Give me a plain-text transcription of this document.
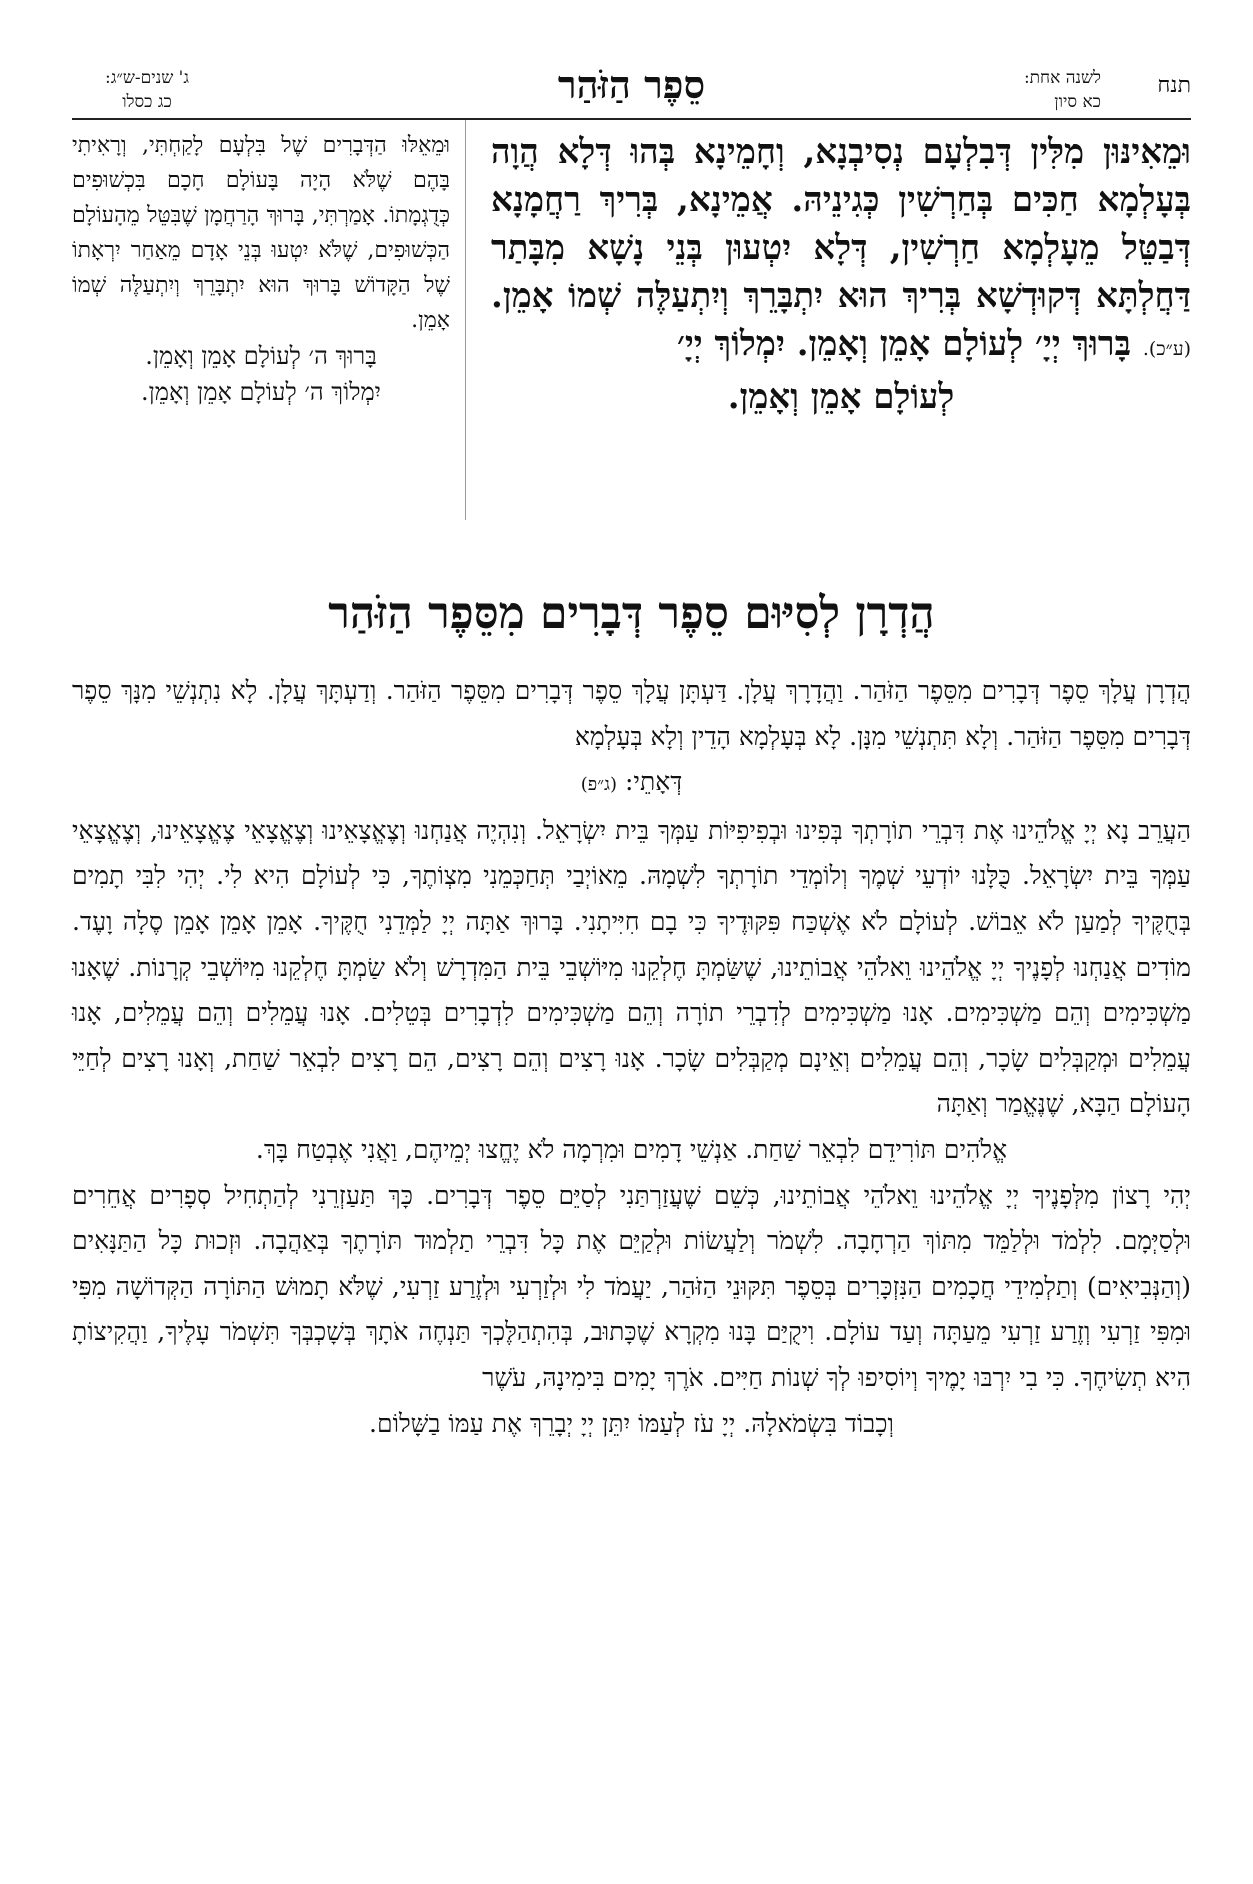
תנח
לשנה אחת:
כא סיון
סֵפֶר הַזֹּהַר
ג' שנים-ש״ג:
כג כסלו

וּמֵאִינּוּן מִלִּין דְּבִלְעָם נְסִיבְנָא, וְחָמֵינָא בְּהוּ דְּלָא הֲוָה בְּעָלְמָא חַכִּים בְּחַרְשִׁין כְּגִינֵיהּ. אֲמֵינָא, בְּרִיךְ רַחֲמָנָא דְּבַטֵּל מֵעָלְמָא חַרְשִׁין, דְּלָא יִטְעוּן בְּנֵי נָשָׁא מִבָּתַר דַּחֲלְתָּא דְּקוּדְשָׁא בְּרִיךְ הוּא יִתְבָּרֵךְ וְיִתְעַלֶּה שְׁמוֹ אָמֵן. (ע״כ). בָּרוּךְ יְיָ׳ לְעוֹלָם אָמֵן וְאָמֵן. יִמְלוֹךְ יְיָ׳

לְעוֹלָם אָמֵן וְאָמֵן.

וּמֵאֵלּוּ הַדְּבָרִים שֶׁל בִּלְעָם לָקַחְתִּי, וְרָאִיתִי בָּהֶם שֶׁלֹּא הָיָה בָּעוֹלָם חָכָם בִּכְשׁוּפִים כְּדֻגְמָתוֹ. אָמַרְתִּי, בָּרוּךְ הָרַחֲמָן שֶׁבִּטֵּל מֵהָעוֹלָם הַכְּשׁוּפִים, שֶׁלֹּא יִטְעוּ בְּנֵי אָדָם מֵאַחַר יִרְאָתוֹ שֶׁל הַקָּדוֹשׁ בָּרוּךְ הוּא יִתְבָּרֵךְ וְיִתְעַלֶּה שְׁמוֹ אָמֵן.

בָּרוּךְ ה׳ לְעוֹלָם אָמֵן וְאָמֵן.

יִמְלוֹךְ ה׳ לְעוֹלָם אָמֵן וְאָמֵן.

הֲדְרָן לְסִיּוּם סֵפֶר דְּבָרִים מִסֵּפֶר הַזֹּהַר

הֲדְרָן עֲלָךְ סֵפֶר דְּבָרִים מִסֵּפֶר הַזֹּהַר. וַהֲדָרָךְ עֲלָן. דַּעְתָּן עֲלָךְ סֵפֶר דְּבָרִים מִסֵּפֶר הַזֹּהַר. וְדַעְתָּךְ עֲלָן. לָא נִתְנְשֵׁי מִנָּךְ סֵפֶר דְּבָרִים מִסֵּפֶר הַזֹּהַר. וְלָא תִּתְנְשֵׁי מִנָּן. לָא בְּעָלְמָא הָדֵין וְלָא בְּעָלְמָא

דְּאָתֵי: (ג״פ)

הַעֲרֵב נָא יְיָ אֱלֹהֵינוּ אֶת דִּבְרֵי תוֹרָתְךָ בְּפִינוּ וּבְפִיפִיּוֹת עַמְּךָ בֵּית יִשְׂרָאֵל. וְנִהְיֶה אֲנַחְנוּ וְצֶאֱצָאֵינוּ וְצֶאֱצָאֵי צֶאֱצָאֵינוּ, וְצֶאֱצָאֵי עַמְּךָ בֵּית יִשְׂרָאֵל. כֻּלָּנוּ יוֹדְעֵי שְׁמֶךָ וְלוֹמְדֵי תוֹרָתְךָ לִשְׁמָהּ. מֵאוֹיְבַי תְּחַכְּמֵנִי מִצְוֹתֶךָ, כִּי לְעוֹלָם הִיא לִי. יְהִי לִבִּי תָמִים בְּחֻקֶּיךָ לְמַעַן לֹא אֵבוֹשׁ. לְעוֹלָם לֹא אֶשְׁכַּח פִּקּוּדֶיךָ כִּי בָם חִיִּיתָנִי. בָּרוּךְ אַתָּה יְיָ לַמְּדֵנִי חֻקֶּיךָ. אָמֵן אָמֵן אָמֵן סֶלָה וָעֶד. מוֹדִים אֲנַחְנוּ לְפָנֶיךָ יְיָ אֱלֹהֵינוּ וֵאלֹהֵי אֲבוֹתֵינוּ, שֶׁשַּׂמְתָּ חֶלְקֵנוּ מִיּוֹשְׁבֵי בֵּית הַמִּדְרָשׁ וְלֹא שַׂמְתָּ חֶלְקֵנוּ מִיּוֹשְׁבֵי קְרָנוֹת. שֶׁאָנוּ מַשְׁכִּימִים וְהֵם מַשְׁכִּימִים. אָנוּ מַשְׁכִּימִים לְדִבְרֵי תוֹרָה וְהֵם מַשְׁכִּימִים לִדְבָרִים בְּטֵלִים. אָנוּ עֲמֵלִים וְהֵם עֲמֵלִים, אָנוּ עֲמֵלִים וּמְקַבְּלִים שָׂכָר, וְהֵם עֲמֵלִים וְאֵינָם מְקַבְּלִים שָׂכָר. אָנוּ רָצִים וְהֵם רָצִים, הֵם רָצִים לִבְאֵר שַׁחַת, וְאָנוּ רָצִים לְחַיֵּי הָעוֹלָם הַבָּא, שֶׁנֶּאֱמַר וְאַתָּה

אֱלֹהִים תּוֹרִידֵם לִבְאֵר שַׁחַת. אַנְשֵׁי דָמִים וּמִרְמָה לֹא יֶחֱצוּ יְמֵיהֶם, וַאֲנִי אֶבְטַח בָּךְ.

יְהִי רָצוֹן מִלְּפָנֶיךָ יְיָ אֱלֹהֵינוּ וֵאלֹהֵי אֲבוֹתֵינוּ, כְּשֵׁם שֶׁעֲזַרְתַּנִי לְסַיֵּם סֵפֶר דְּבָרִים. כָּךְ תַּעַזְרֵנִי לְהַתְחִיל סְפָרִים אֲחֵרִים וּלְסַיְּמָם. לִלְמֹד וּלְלַמֵּד מִתּוֹךְ הַרְחָבָה. לִשְׁמֹר וְלַעֲשׂוֹת וּלְקַיֵּם אֶת כָּל דִּבְרֵי תַלְמוּד תּוֹרָתֶךָ בְּאַהֲבָה. וּזְכוּת כָּל הַתַּנָּאִים (וְהַנְּבִיאִים) וְתַלְמִידֵי חֲכָמִים הַנִּזְכָּרִים בְּסֵפֶר תִּקּוּנֵי הַזֹּהַר, יַעֲמֹד לִי וּלְזַרְעִי וּלְזֶרַע זַרְעִי, שֶׁלֹּא תָמוּשׁ הַתּוֹרָה הַקְּדוֹשָׁה מִפִּי וּמִפִּי זַרְעִי וְזֶרַע זַרְעִי מֵעַתָּה וְעַד עוֹלָם. וִיקֻיַּם בָּנוּ מִקְרָא שֶׁכָּתוּב, בְּהִתְהַלֶּכְךָ תַּנְחֶה אֹתָךְ בְּשָׁכְבְּךָ תִּשְׁמֹר עָלֶיךָ, וַהֲקִיצוֹתָ הִיא תְשִׂיחֶךָ. כִּי בִי יִרְבּוּ יָמֶיךָ וְיוֹסִיפוּ לְךָ שְׁנוֹת חַיִּים. אֹרֶךְ יָמִים בִּימִינָהּ, עֹשֶׁר

וְכָבוֹד בִּשְׂמֹאלָהּ. יְיָ עֹז לְעַמּוֹ יִתֵּן יְיָ יְבָרֵךְ אֶת עַמּוֹ בַשָּׁלוֹם.
